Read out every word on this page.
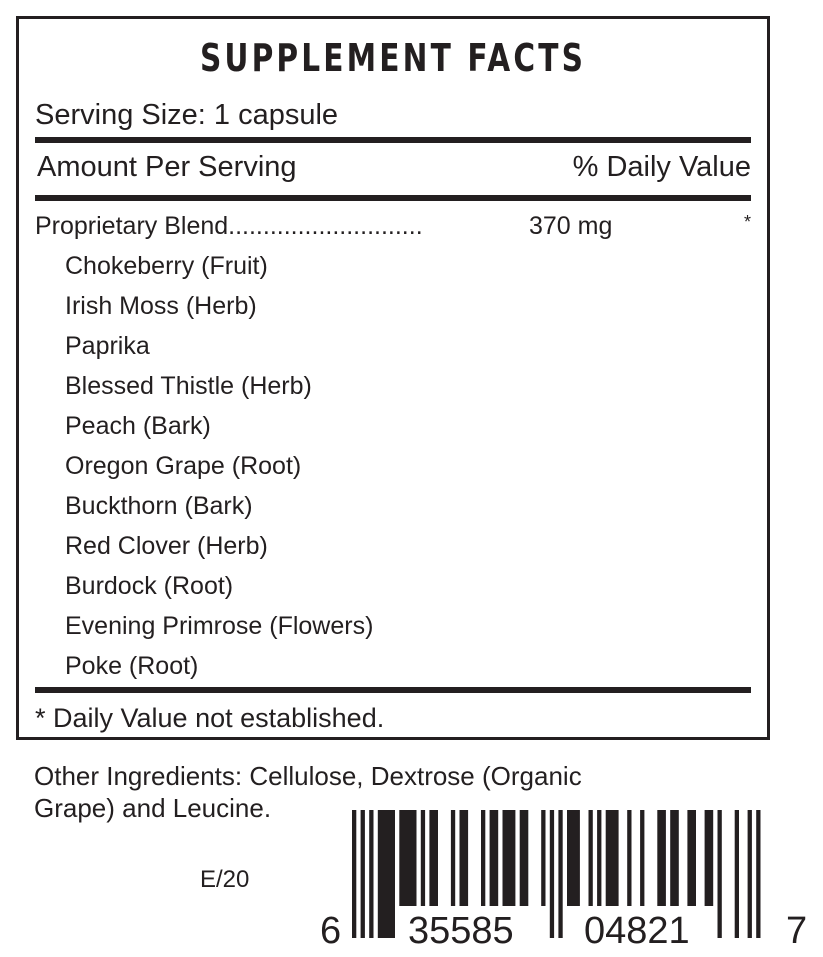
SUPPLEMENT FACTS
Serving Size: 1 capsule
Amount Per Serving	% Daily Value
Proprietary Blend............................	370 mg	*
Chokeberry (Fruit)
Irish Moss (Herb)
Paprika
Blessed Thistle (Herb)
Peach (Bark)
Oregon Grape (Root)
Buckthorn (Bark)
Red Clover (Herb)
Burdock (Root)
Evening Primrose (Flowers)
Poke (Root)
* Daily Value not established.
Other Ingredients: Cellulose, Dextrose (Organic
Grape) and Leucine.
E/20
6 35585 04821	7
